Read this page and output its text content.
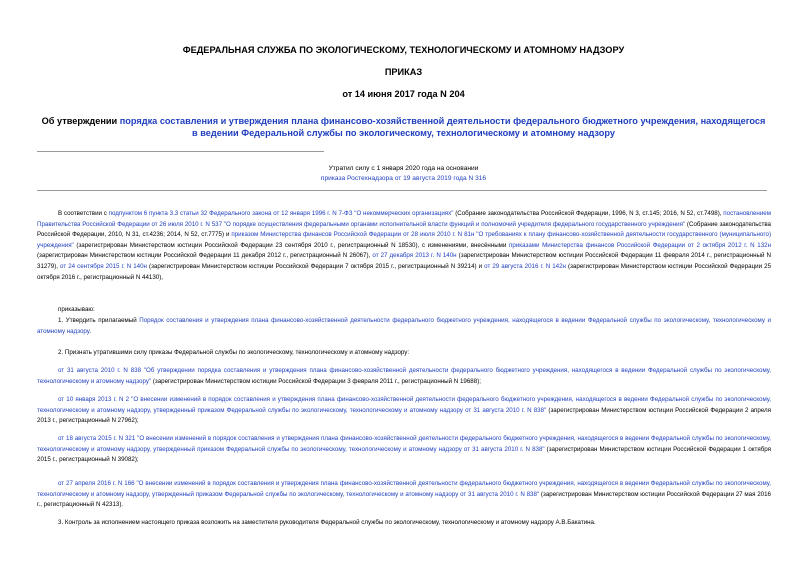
ФЕДЕРАЛЬНАЯ СЛУЖБА ПО ЭКОЛОГИЧЕСКОМУ, ТЕХНОЛОГИЧЕСКОМУ И АТОМНОМУ НАДЗОРУ
ПРИКАЗ
от 14 июня 2017 года N 204
Об утверждении порядка составления и утверждения плана финансово-хозяйственной деятельности федерального бюджетного учреждения, находящегося в ведении Федеральной службы по экологическому, технологическому и атомному надзору
Утратил силу с 1 января 2020 года на основании
приказа Ростехнадзора от 19 августа 2019 года N 316
В соответствии с подпунктом 6 пункта 3.3 статьи 32 Федерального закона от 12 января 1996 г. N 7-ФЗ "О некоммерческих организациях" (Собрание законодательства Российской Федерации, 1996, N 3, ст.145; 2016, N 52, ст.7498), постановлением Правительства Российской Федерации от 26 июля 2010 г. N 537 "О порядке осуществления федеральными органами исполнительной власти функций и полномочий учредителя федерального государственного учреждения" (Собрание законодательства Российской Федерации, 2010, N 31, ст.4236; 2014, N 52, ст.7775) и приказом Министерства финансов Российской Федерации от 28 июля 2010 г. N 81н "О требованиях к плану финансово-хозяйственной деятельности государственного (муниципального) учреждения" (зарегистрирован Министерством юстиции Российской Федерации 23 сентября 2010 г., регистрационный N 18530), с изменениями, внесёнными приказами Министерства финансов Российской Федерации от 2 октября 2012 г. N 132н (зарегистрирован Министерством юстиции Российской Федерации 11 декабря 2012 г., регистрационный N 26067), от 27 декабря 2013 г. N 140н (зарегистрирован Министерством юстиции Российской Федерации 11 февраля 2014 г., регистрационный N 31279), от 24 сентября 2015 г. N 140н (зарегистрирован Министерством юстиции Российской Федерации 7 октября 2015 г., регистрационный N 39214) и от 29 августа 2016 г. N 142н (зарегистрирован Министерством юстиции Российской Федерации 25 октября 2016 г., регистрационный N 44130),
приказываю:
1. Утвердить прилагаемый Порядок составления и утверждения плана финансово-хозяйственной деятельности федерального бюджетного учреждения, находящегося в ведении Федеральной службы по экологическому, технологическому и атомному надзору.
2. Признать утратившими силу приказы Федеральной службы по экологическому, технологическому и атомному надзору:
от 31 августа 2010 г. N 838 "Об утверждении порядка составления и утверждения плана финансово-хозяйственной деятельности федерального бюджетного учреждения, находящегося в ведении Федеральной службы по экологическому, технологическому и атомному надзору" (зарегистрирован Министерством юстиции Российской Федерации 3 февраля 2011 г., регистрационный N 19688);
от 10 января 2013 г. N 2 "О внесении изменений в порядок составления и утверждения плана финансово-хозяйственной деятельности федерального бюджетного учреждения, находящегося в ведении Федеральной службы по экологическому, технологическому и атомному надзору, утвержденный приказом Федеральной службы по экологическому, технологическому и атомному надзору от 31 августа 2010 г. N 838" (зарегистрирован Министерством юстиции Российской Федерации 2 апреля 2013 г., регистрационный N 27962);
от 18 августа 2015 г. N 321 "О внесении изменений в порядок составления и утверждения плана финансово-хозяйственной деятельности федерального бюджетного учреждения, находящегося в ведении Федеральной службы по экологическому, технологическому и атомному надзору, утвержденный приказом Федеральной службы по экологическому, технологическому и атомному надзору от 31 августа 2010 г. N 838" (зарегистрирован Министерством юстиции Российской Федерации 1 октября 2015 г., регистрационный N 39082);
от 27 апреля 2016 г. N 166 "О внесении изменений в порядок составления и утверждения плана финансово-хозяйственной деятельности федерального бюджетного учреждения, находящегося в ведении Федеральной службы по экологическому, технологическому и атомному надзору, утвержденный приказом Федеральной службы по экологическому, технологическому и атомному надзору от 31 августа 2010 г. N 838" (зарегистрирован Министерством юстиции Российской Федерации 27 мая 2016 г., регистрационный N 42313).
3. Контроль за исполнением настоящего приказа возложить на заместителя руководителя Федеральной службы по экологическому, технологическому и атомному надзору А.В.Бакатина.
